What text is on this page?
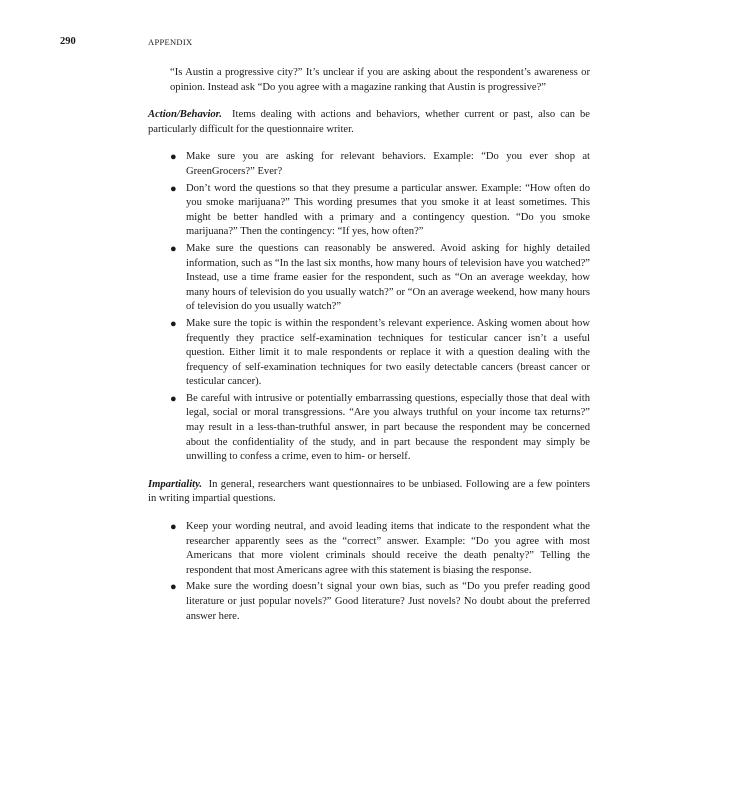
290	APPENDIX

“Is Austin a progressive city?” It’s unclear if you are asking about the respondent’s awareness or opinion. Instead ask “Do you agree with a magazine ranking that Austin is progressive?”

Action/Behavior. Items dealing with actions and behaviors, whether current or past, also can be particularly difficult for the questionnaire writer.

● Make sure you are asking for relevant behaviors. Example: “Do you ever shop at GreenGrocers?” Ever?
● Don’t word the questions so that they presume a particular answer. Example: “How often do you smoke marijuana?” This wording presumes that you smoke it at least sometimes. This might be better handled with a primary and a contingency question. “Do you smoke marijuana?” Then the contingency: “If yes, how often?”
● Make sure the questions can reasonably be answered. Avoid asking for highly detailed information, such as “In the last six months, how many hours of television have you watched?” Instead, use a time frame easier for the respondent, such as “On an average weekday, how many hours of television do you usually watch?” or “On an average weekend, how many hours of television do you usually watch?”
● Make sure the topic is within the respondent’s relevant experience. Asking women about how frequently they practice self-examination techniques for testicular cancer isn’t a useful question. Either limit it to male respondents or replace it with a question dealing with the frequency of self-examination techniques for two easily detectable cancers (breast cancer or testicular cancer).
● Be careful with intrusive or potentially embarrassing questions, especially those that deal with legal, social or moral transgressions. “Are you always truthful on your income tax returns?” may result in a less-than-truthful answer, in part because the respondent may be concerned about the confidentiality of the study, and in part because the respondent may simply be unwilling to confess a crime, even to him- or herself.

Impartiality. In general, researchers want questionnaires to be unbiased. Following are a few pointers in writing impartial questions.

● Keep your wording neutral, and avoid leading items that indicate to the respondent what the researcher apparently sees as the “correct” answer. Example: “Do you agree with most Americans that more violent criminals should receive the death penalty?” Telling the respondent that most Americans agree with this statement is biasing the response.
● Make sure the wording doesn’t signal your own bias, such as “Do you prefer reading good literature or just popular novels?” Good literature? Just novels? No doubt about the preferred answer here.
